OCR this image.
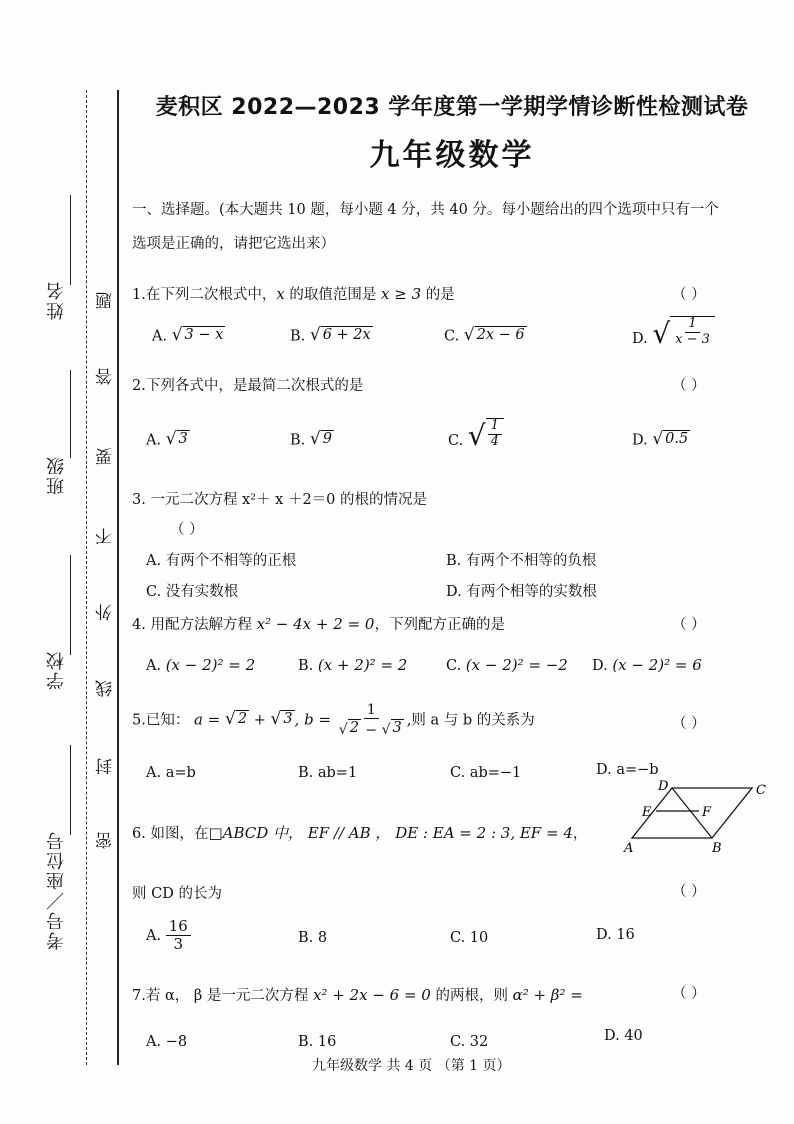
姓名
班级
学校
考号／座位号
题
答
要
不
外
线
封
密
麦积区 2022—2023 学年度第一学期学情诊断性检测试卷
九年级数学
一、选择题。(本大题共 10 题，每小题 4 分，共 40 分。每小题给出的四个选项中只有一个
选项是正确的，请把它选出来）
1.在下列二次根式中，x 的取值范围是 x ≥ 3 的是	（ ）
A. √ 3 − x	B. √ 6 + 2x	C. √ 2x − 6	D. √ $\frac{1}{x - 3}$
2.下列各式中，是最简二次根式的是	（ ）
A. √ 3	B. √ 9	C. √ $\frac{1}{4}$	D. √ 0.5
3. 一元二次方程 x²＋ x ＋2＝0 的根的情况是
（ ）
A. 有两个不相等的正根	B. 有两个不相等的负根
C. 没有实数根	D. 有两个相等的实数根
4. 用配方法解方程 x² − 4x + 2 = 0，下列配方正确的是	（ ）
A. (x − 2)² = 2	B. (x + 2)² = 2	C. (x − 2)² = −2 D. (x − 2)² = 6
5.已知： a = √ 2 + √ 3 , $b = \frac{1}{√ 2 - √ 3}$ ,则 a 与 b 的关系为	（ ）
A. a=b	B. ab=1	C. ab=−1	D. a=−b
A	B
C
D
E	F
6. 如图，在□ABCD 中， EF // AB ， DE : EA = 2 : 3, EF = 4，
则 CD 的长为	（ ）
A. $\frac{16}{3}$	B. 8	C. 10	D. 16
7.若 α， β 是一元二次方程 x² + 2x − 6 = 0 的两根，则 α² + β² =	（ ）
A. −8	B. 16	C. 32	D. 40
九年级数学 共 4 页 （第 1 页）
